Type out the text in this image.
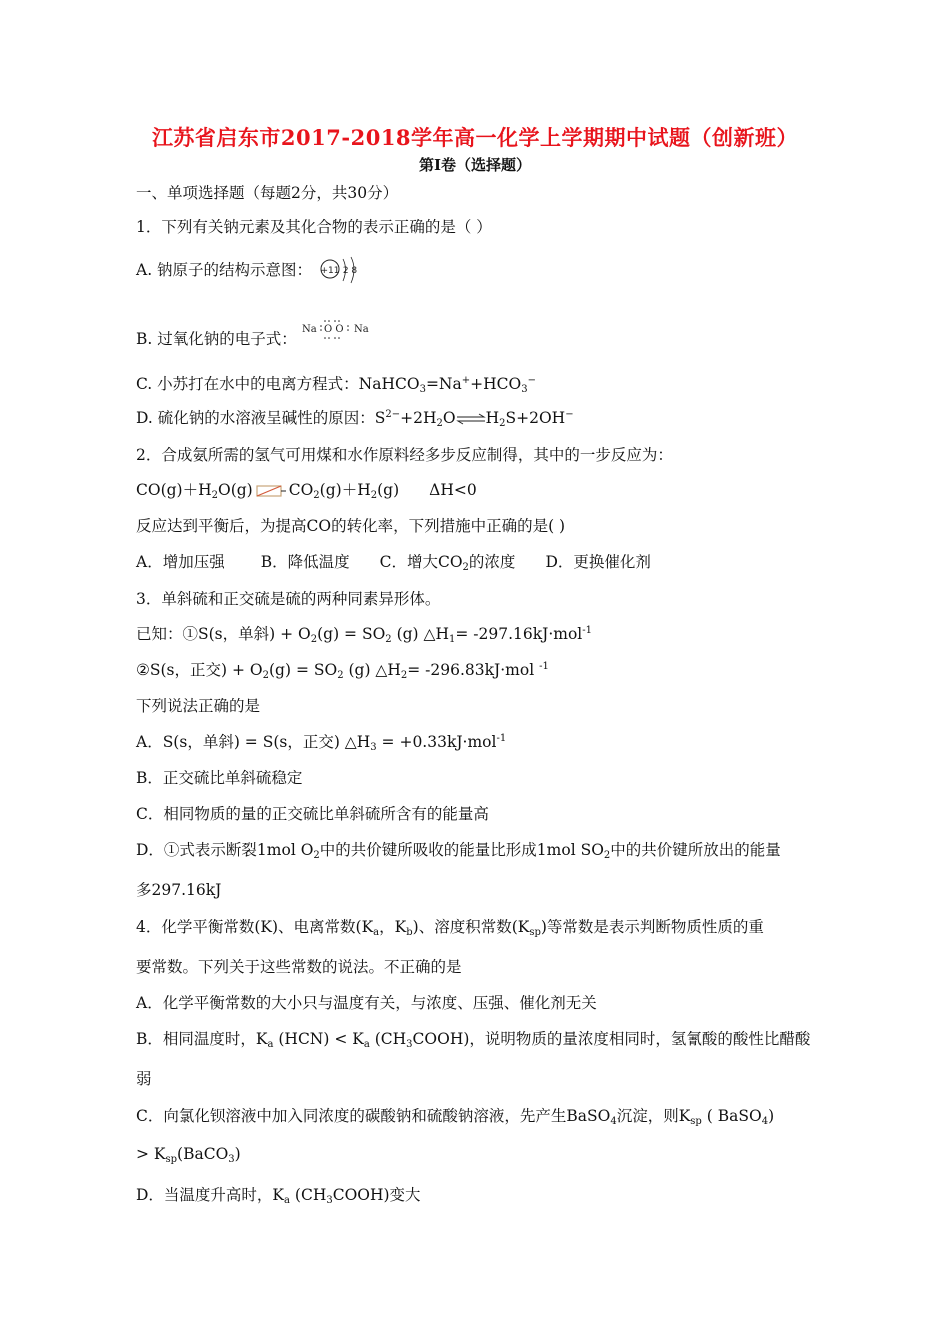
江苏省启东市2017-2018学年高一化学上学期期中试题（创新班）
第Ⅰ卷（选择题）
一、单项选择题（每题2分，共30分）
1．下列有关钠元素及其化合物的表示正确的是（ ）
A. 钠原子的结构示意图： +11 2 8
B. 过氧化钠的电子式：
Na O O Na
C. 小苏打在水中的电离方程式：$NaHCO_3=Na^++HCO_3^-$
D. 硫化钠的水溶液呈碱性的原因：$S^{2-}+2H_2O\rightleftharpoons H_2S+2OH^-$
2．合成氨所需的氢气可用煤和水作原料经多步反应制得，其中的一步反应为：
$CO(g)+H_2O(g)$ $CO_2(g)+H_2(g)$ ΔH<0
反应达到平衡后，为提高CO的转化率，下列措施中正确的是( )
A．增加压强 B．降低温度 C．增大$CO_2$的浓度 D．更换催化剂
3．单斜硫和正交硫是硫的两种同素异形体。
已知：①S(s，单斜) + $O_2(g) = SO_2$ (g) $\triangle H_1= -297.16kJ\cdot mol^{-1}$
②S(s，正交) + $O_2(g) = SO_2$ (g) $\triangle H_2= -296.83kJ\cdot mol$ $^{-1}$
下列说法正确的是
A．S(s，单斜) = S(s，正交) $\triangle H_3 = +0.33kJ\cdot mol^{-1}$
B．正交硫比单斜硫稳定
C．相同物质的量的正交硫比单斜硫所含有的能量高
D．①式表示断裂1mol $O_2$中的共价键所吸收的能量比形成1mol $SO_2$中的共价键所放出的能量
多297.16kJ
4．化学平衡常数(K)、电离常数($K_a$，$K_b$)、溶度积常数$(K_{sp})$等常数是表示判断物质性质的重
要常数。下列关于这些常数的说法。不正确的是
A．化学平衡常数的大小只与温度有关，与浓度、压强、催化剂无关
B．相同温度时，$K_a$ $(HCN) < K_a$ $(CH_3COOH)$，说明物质的量浓度相同时，氢氰酸的酸性比醋酸
弱
C．向氯化钡溶液中加入同浓度的碳酸钠和硫酸钠溶液，先产生BaSO$_4$沉淀，则$K_{sp}$ ( BaSO$_4$)
> $K_{sp}(BaCO_3)$
D．当温度升高时，$K_a$ $(CH_3COOH)$变大
